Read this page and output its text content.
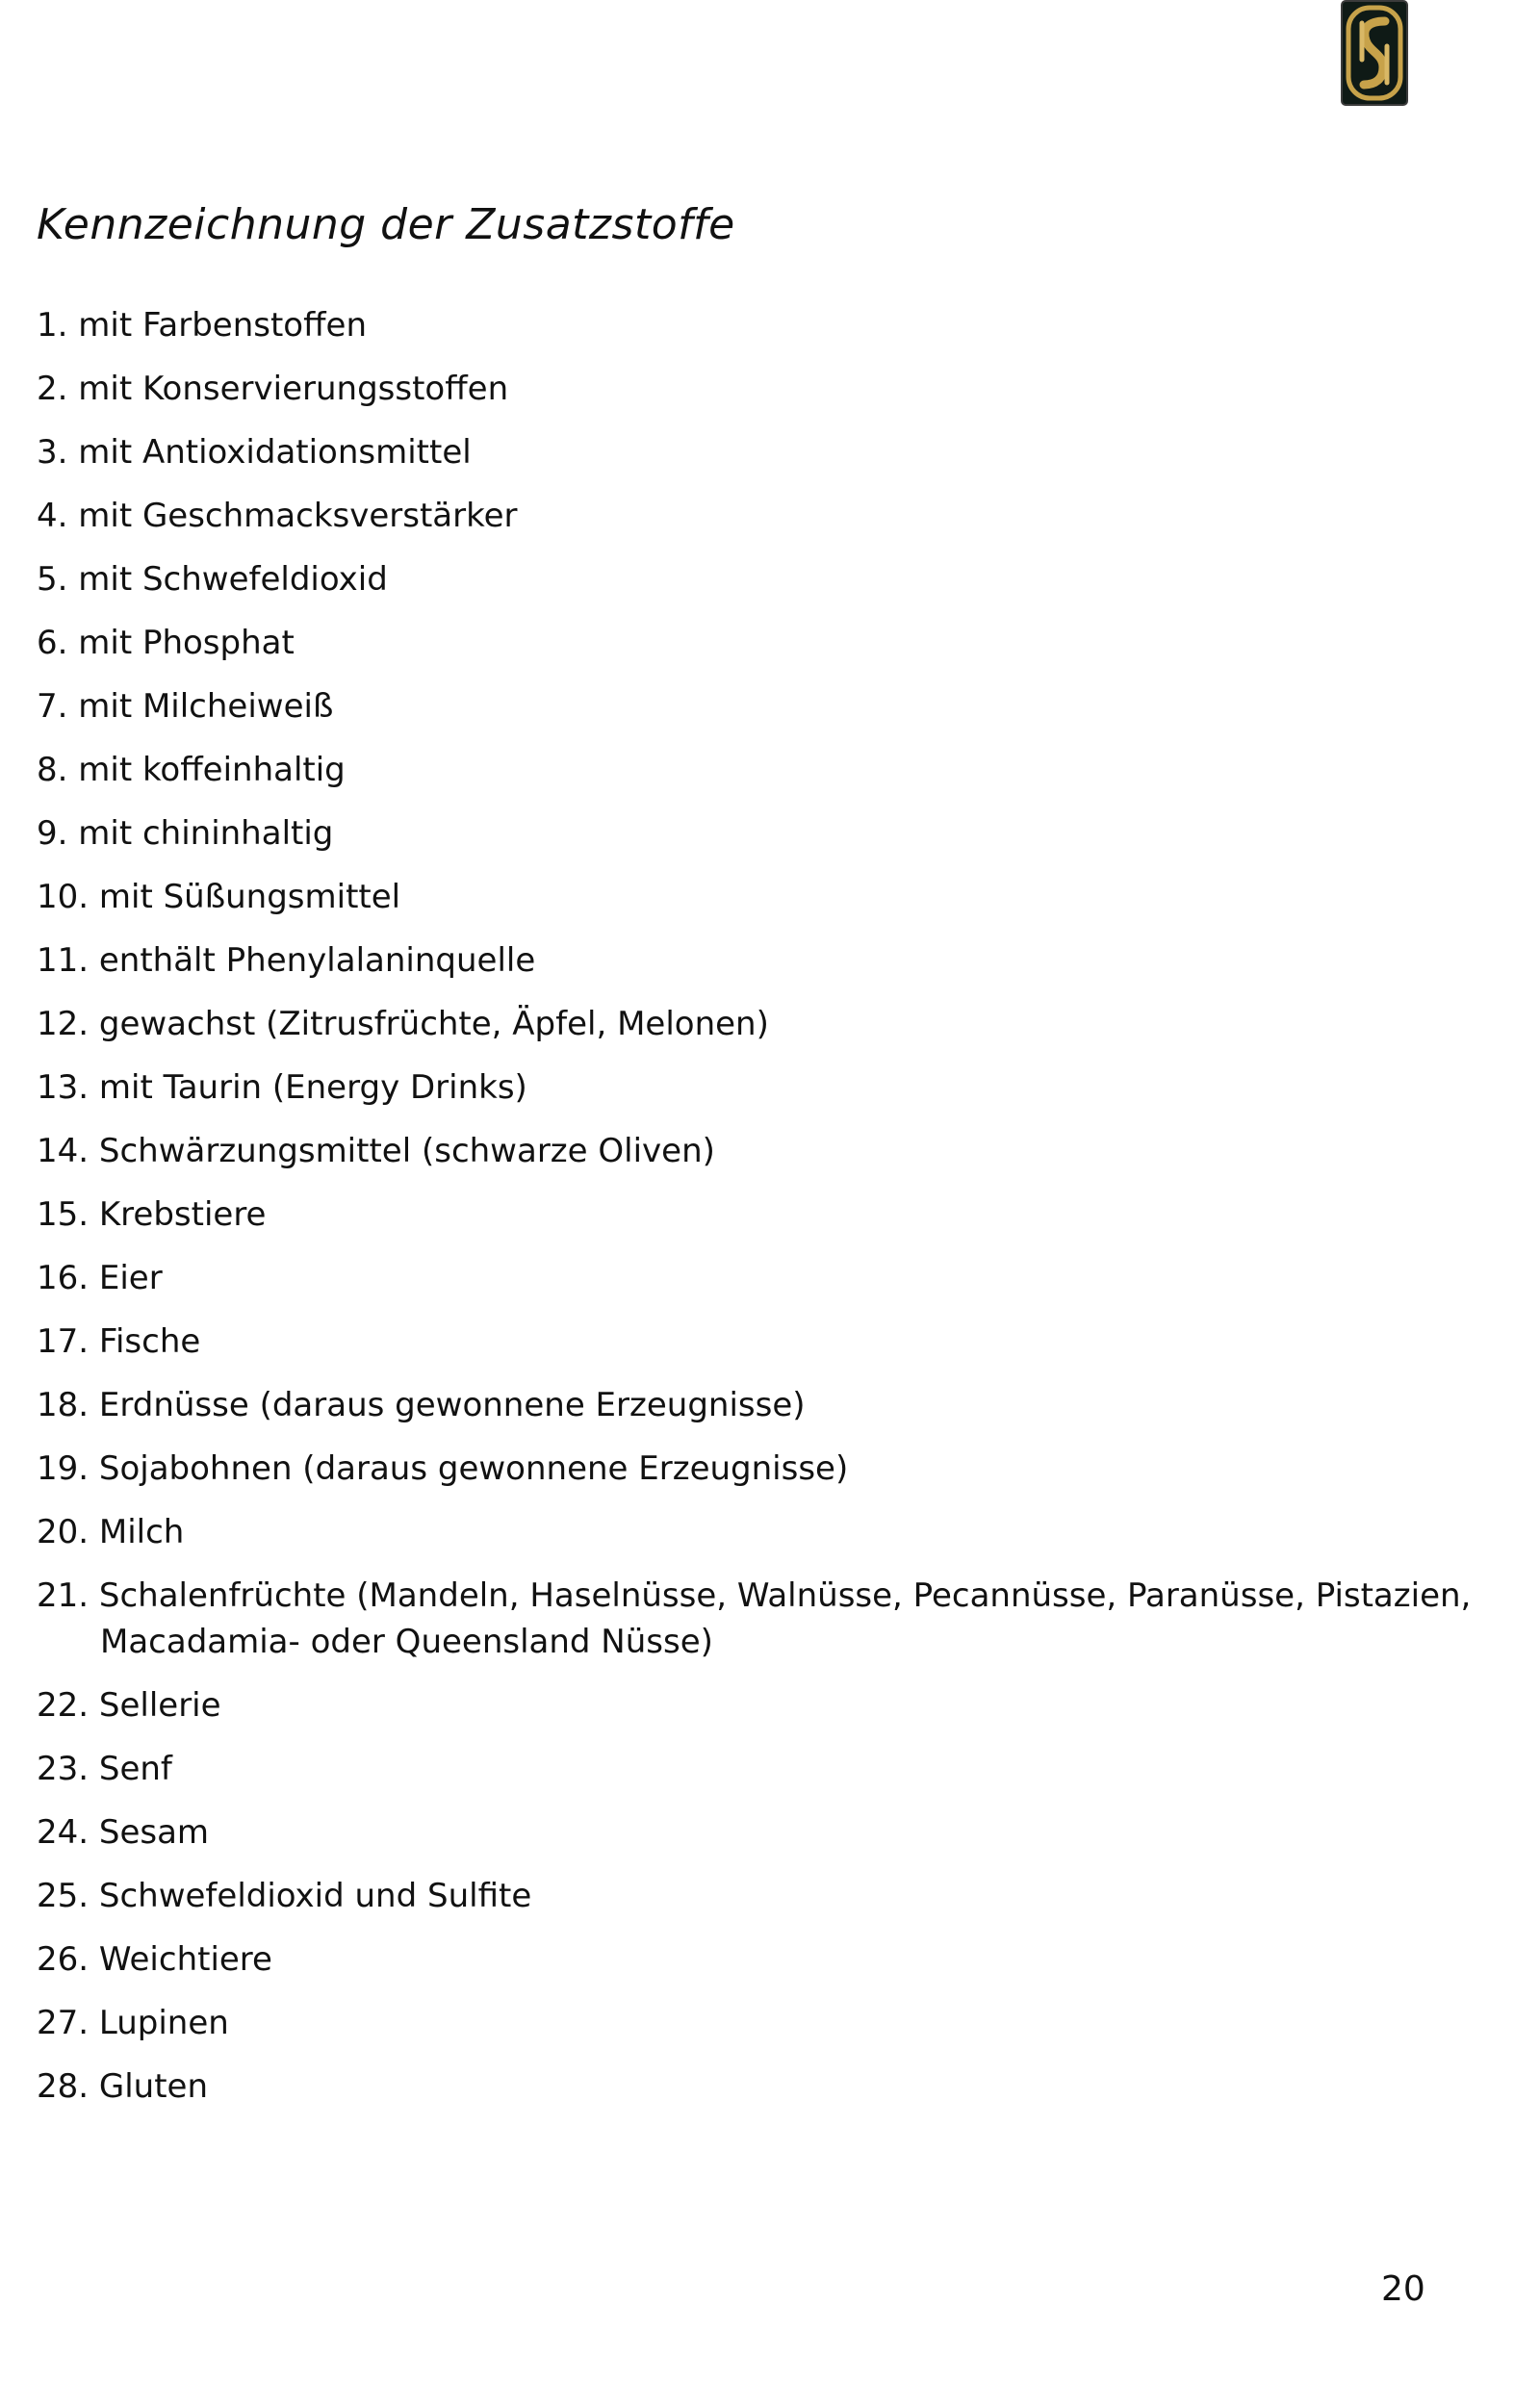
Kennzeichnung der Zusatzstoffe
1. mit Farbenstoffen
2. mit Konservierungsstoffen
3. mit Antioxidationsmittel
4. mit Geschmacksverstärker
5. mit Schwefeldioxid
6. mit Phosphat
7. mit Milcheiweiß
8. mit koffeinhaltig
9. mit chininhaltig
10. mit Süßungsmittel
11. enthält Phenylalaninquelle
12. gewachst (Zitrusfrüchte, Äpfel, Melonen)
13. mit Taurin (Energy Drinks)
14. Schwärzungsmittel (schwarze Oliven)
15. Krebstiere
16. Eier
17. Fische
18. Erdnüsse (daraus gewonnene Erzeugnisse)
19. Sojabohnen (daraus gewonnene Erzeugnisse)
20. Milch
21. Schalenfrüchte (Mandeln, Haselnüsse, Walnüsse, Pecannüsse, Paranüsse, Pistazien,
Macadamia- oder Queensland Nüsse)
22. Sellerie
23. Senf
24. Sesam
25. Schwefeldioxid und Sulfite
26. Weichtiere
27. Lupinen
28. Gluten
20
